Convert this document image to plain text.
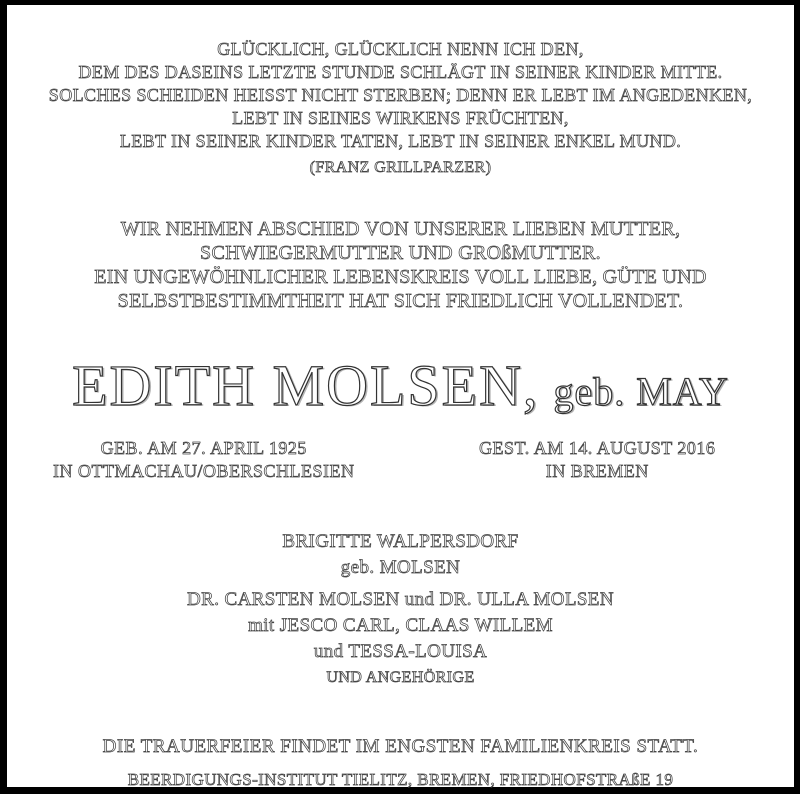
GLÜCKLICH, GLÜCKLICH NENN ICH DEN,
DEM DES DASEINS LETZTE STUNDE SCHLÄGT IN SEINER KINDER MITTE.
SOLCHES SCHEIDEN HEISST NICHT STERBEN; DENN ER LEBT IM ANGEDENKEN,
LEBT IN SEINES WIRKENS FRÜCHTEN,
LEBT IN SEINER KINDER TATEN, LEBT IN SEINER ENKEL MUND.
(FRANZ GRILLPARZER)
WIR NEHMEN ABSCHIED VON UNSERER LIEBEN MUTTER,
SCHWIEGERMUTTER UND GROßMUTTER.
EIN UNGEWÖHNLICHER LEBENSKREIS VOLL LIEBE, GÜTE UND
SELBSTBESTIMMTHEIT HAT SICH FRIEDLICH VOLLENDET.
EDITH MOLSEN, geb. MAY
GEB. AM 27. APRIL 1925
IN OTTMACHAU/OBERSCHLESIEN
GEST. AM 14. AUGUST 2016
IN BREMEN
BRIGITTE WALPERSDORF
geb. MOLSEN
DR. CARSTEN MOLSEN und DR. ULLA MOLSEN
mit JESCO CARL, CLAAS WILLEM
und TESSA-LOUISA
UND ANGEHÖRIGE
DIE TRAUERFEIER FINDET IM ENGSTEN FAMILIENKREIS STATT.
BEERDIGUNGS-INSTITUT TIELITZ, BREMEN, FRIEDHOFSTRAßE 19
